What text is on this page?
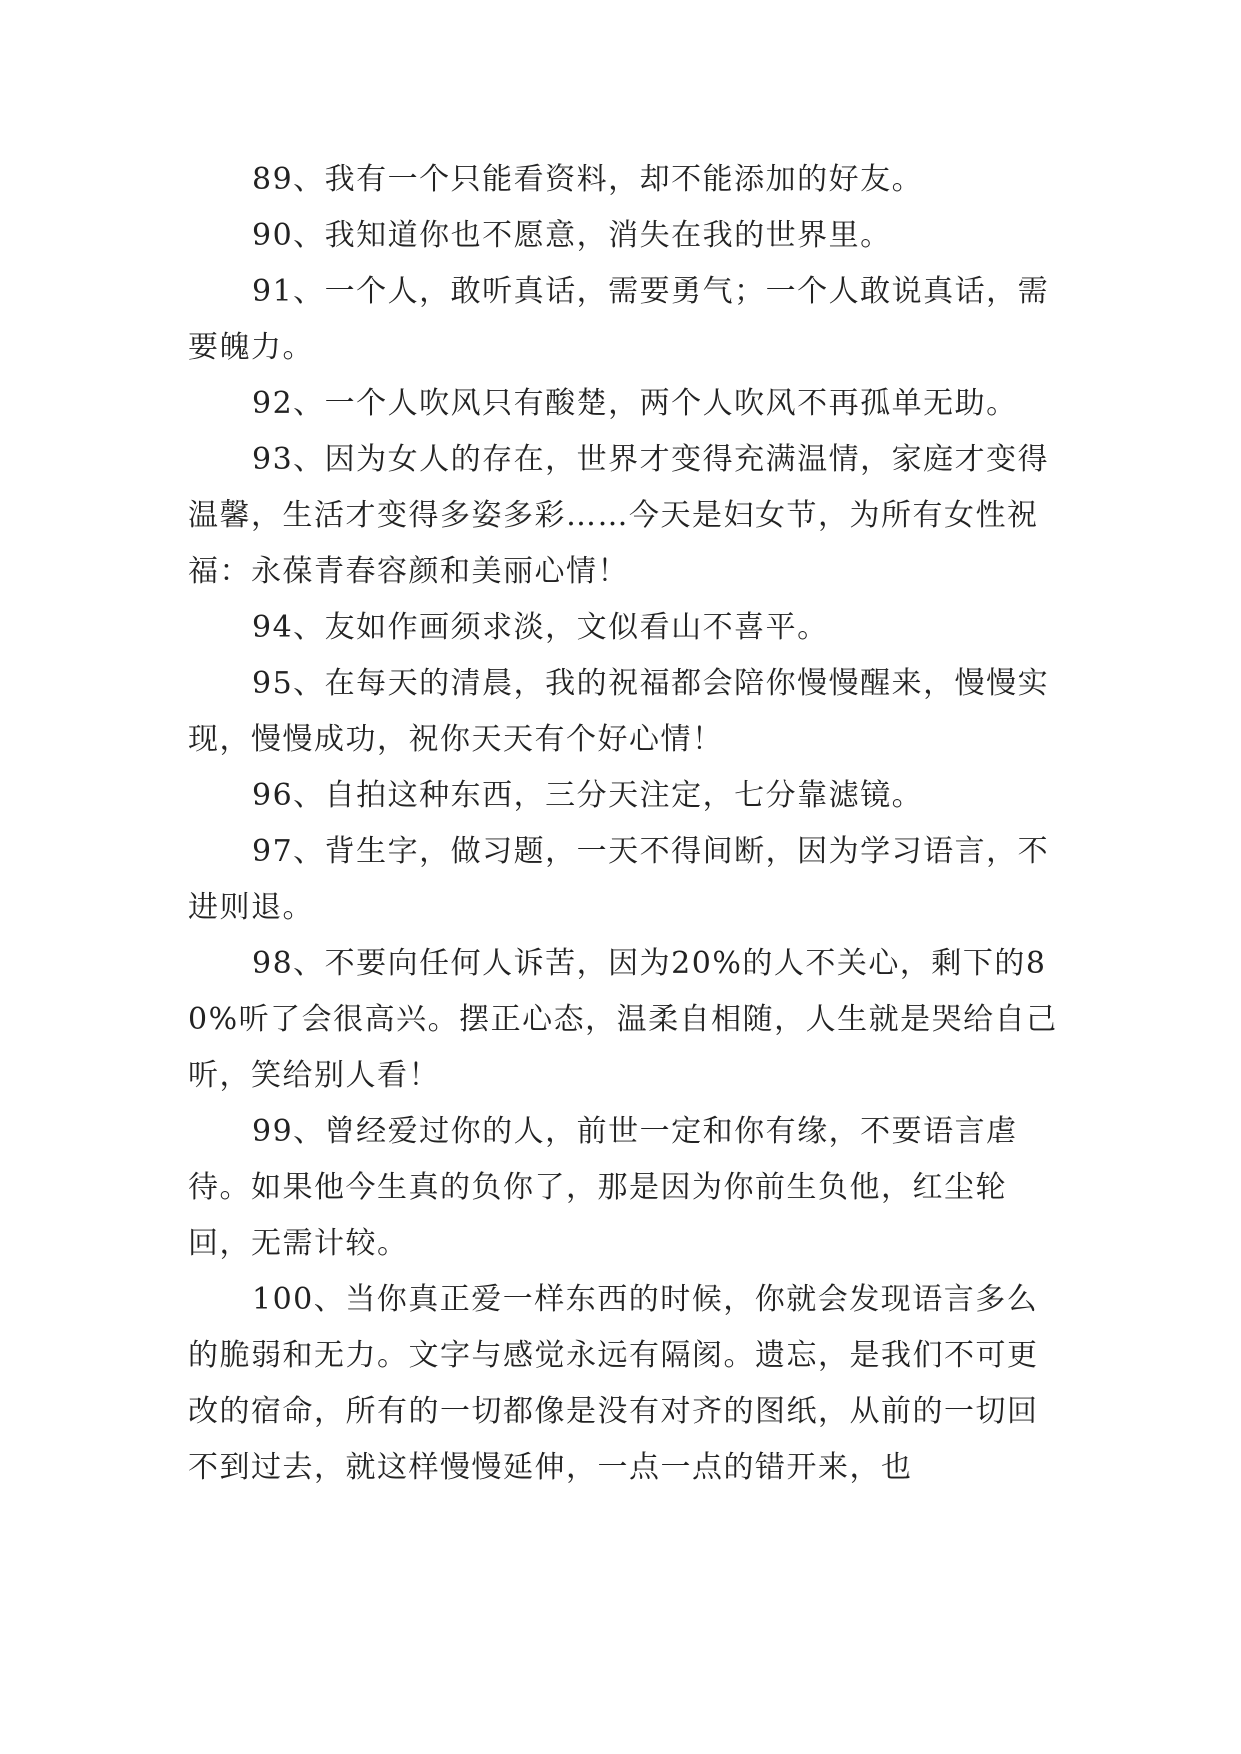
89、我有一个只能看资料，却不能添加的好友。

90、我知道你也不愿意，消失在我的世界里。

91、一个人，敢听真话，需要勇气；一个人敢说真话，需要魄力。

92、一个人吹风只有酸楚，两个人吹风不再孤单无助。

93、因为女人的存在，世界才变得充满温情，家庭才变得温馨，生活才变得多姿多彩……今天是妇女节，为所有女性祝福：永葆青春容颜和美丽心情！

94、友如作画须求淡，文似看山不喜平。

95、在每天的清晨，我的祝福都会陪你慢慢醒来，慢慢实现，慢慢成功，祝你天天有个好心情！

96、自拍这种东西，三分天注定，七分靠滤镜。

97、背生字，做习题，一天不得间断，因为学习语言，不进则退。

98、不要向任何人诉苦，因为20%的人不关心，剩下的80%听了会很高兴。摆正心态，温柔自相随，人生就是哭给自己听，笑给别人看！

99、曾经爱过你的人，前世一定和你有缘，不要语言虐待。如果他今生真的负你了，那是因为你前生负他，红尘轮回，无需计较。

100、当你真正爱一样东西的时候，你就会发现语言多么的脆弱和无力。文字与感觉永远有隔阂。遗忘，是我们不可更改的宿命，所有的一切都像是没有对齐的图纸，从前的一切回不到过去，就这样慢慢延伸，一点一点的错开来，也
